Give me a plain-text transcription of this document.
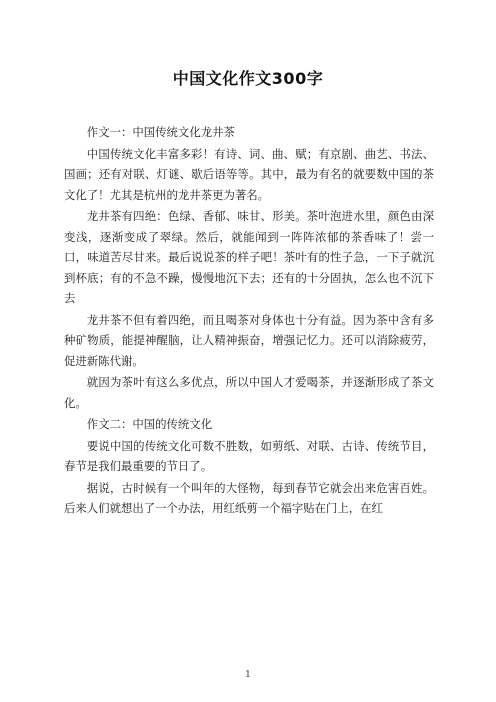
中国文化作文300字

作文一：中国传统文化龙井茶

中国传统文化丰富多彩！有诗、词、曲、赋；有京剧、曲艺、书法、国画；还有对联、灯谜、歇后语等等。其中，最为有名的就要数中国的茶文化了！尤其是杭州的龙井茶更为著名。

龙井茶有四绝：色绿、香郁、味甘、形美。茶叶泡进水里，颜色由深变浅，逐渐变成了翠绿。然后，就能闻到一阵阵浓郁的茶香味了！尝一口，味道苦尽甘来。最后说说茶的样子吧！茶叶有的性子急，一下子就沉到杯底；有的不急不躁，慢慢地沉下去；还有的十分固执，怎么也不沉下去

龙井茶不但有着四绝，而且喝茶对身体也十分有益。因为茶中含有多种矿物质，能提神醒脑，让人精神振奋，增强记忆力。还可以消除疲劳，促进新陈代谢。

就因为茶叶有这么多优点，所以中国人才爱喝茶，并逐渐形成了茶文化。

作文二：中国的传统文化

要说中国的传统文化可数不胜数，如剪纸、对联、古诗、传统节目，春节是我们最重要的节日了。

据说，古时候有一个叫年的大怪物，每到春节它就会出来危害百姓。后来人们就想出了一个办法，用红纸剪一个福字贴在门上，在红

1
